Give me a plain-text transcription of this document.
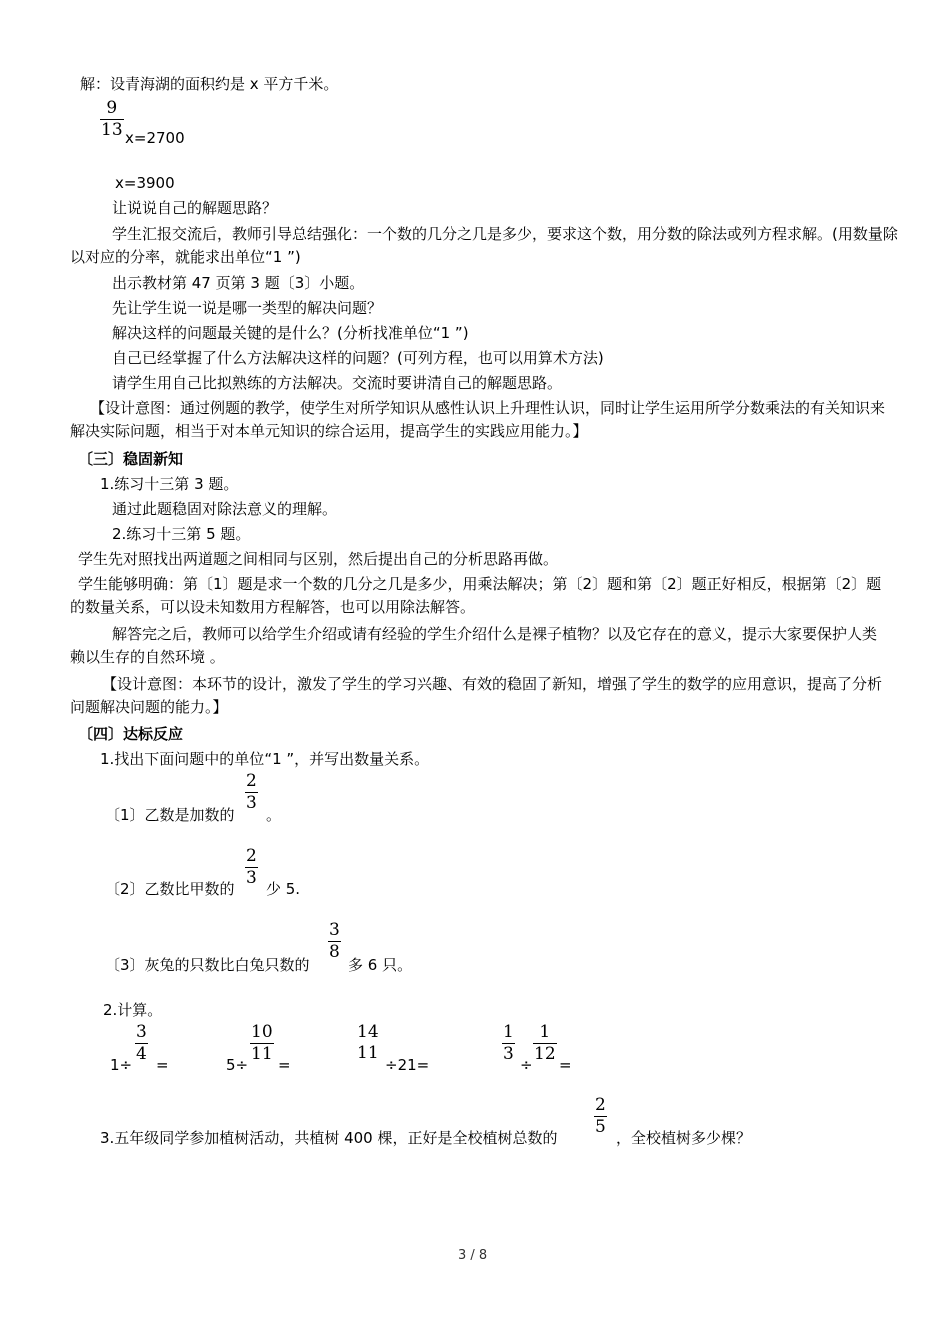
解：设青海湖的面积约是 x 平方千米。
$\frac{9}{13} x=2700$
x=3900
让说说自己的解题思路？
学生汇报交流后，教师引导总结强化：一个数的几分之几是多少，要求这个数，用分数的除法或列方程求解。(用数量除以对应的分率，就能求出单位“1 ”)
出示教材第 47 页第 3 题〔3〕小题。
先让学生说一说是哪一类型的解决问题？
解决这样的问题最关键的是什么？(分析找准单位“1 ”)
自己已经掌握了什么方法解决这样的问题？(可列方程，也可以用算术方法)
请学生用自己比拟熟练的方法解决。交流时要讲清自己的解题思路。
【设计意图：通过例题的教学，使学生对所学知识从感性认识上升理性认识，同时让学生运用所学分数乘法的有关知识来解决实际问题，相当于对本单元知识的综合运用，提高学生的实践应用能力。】
〔三〕稳固新知
1.练习十三第 3 题。
通过此题稳固对除法意义的理解。
2.练习十三第 5 题。
学生先对照找出两道题之间相同与区别，然后提出自己的分析思路再做。
学生能够明确：第〔1〕题是求一个数的几分之几是多少，用乘法解决；第〔2〕题和第〔2〕题正好相反，根据第〔2〕题的数量关系，可以设未知数用方程解答，也可以用除法解答。
解答完之后，教师可以给学生介绍或请有经验的学生介绍什么是裸子植物？以及它存在的意义，提示大家要保护人类赖以生存的自然环境 。
【设计意图：本环节的设计，激发了学生的学习兴趣、有效的稳固了新知，增强了学生的数学的应用意识，提高了分析问题解决问题的能力。】
〔四〕达标反应
1.找出下面问题中的单位“1 ”，并写出数量关系。
〔1〕乙数是加数的
$\frac{2}{3}$
。
〔2〕乙数比甲数的
$\frac{2}{3}$
少 5.
〔3〕灰兔的只数比白兔只数的
$\frac{3}{8}$
多 6 只。
2.计算。
1÷
$\frac{3}{4}$
=	5÷
$\frac{10}{11}$
=
14
11
÷21=
$\frac{1}{3}$
÷
$\frac{1}{12}$
=
3.五年级同学参加植树活动，共植树 400 棵，正好是全校植树总数的
$\frac{2}{5}$
，全校植树多少棵？
3 / 8
